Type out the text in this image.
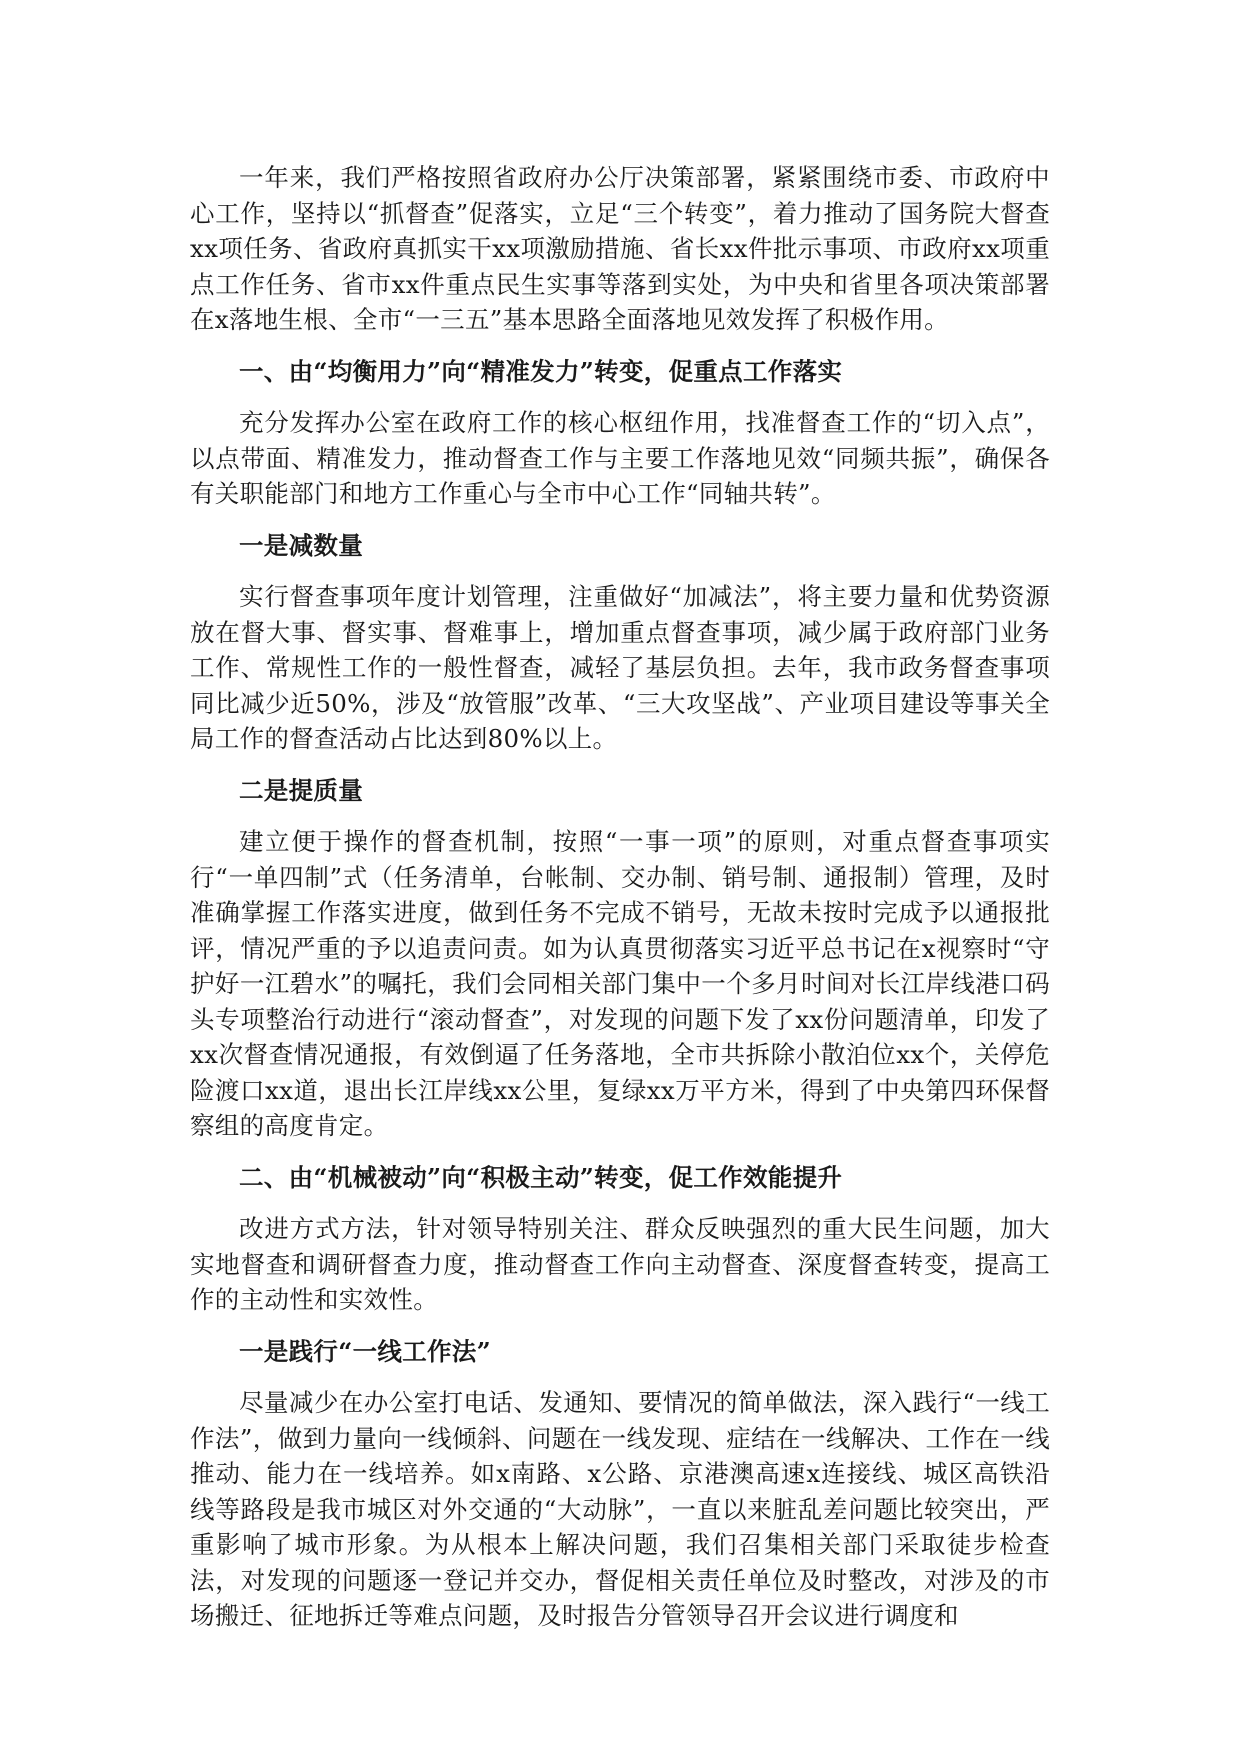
一年来，我们严格按照省政府办公厅决策部署，紧紧围绕市委、市政府中心工作，坚持以“抓督查”促落实，立足“三个转变”，着力推动了国务院大督查xx项任务、省政府真抓实干xx项激励措施、省长xx件批示事项、市政府xx项重点工作任务、省市xx件重点民生实事等落到实处，为中央和省里各项决策部署在x落地生根、全市“一三五”基本思路全面落地见效发挥了积极作用。

一、由“均衡用力”向“精准发力”转变，促重点工作落实

充分发挥办公室在政府工作的核心枢纽作用，找准督查工作的“切入点”，以点带面、精准发力，推动督查工作与主要工作落地见效“同频共振”，确保各有关职能部门和地方工作重心与全市中心工作“同轴共转”。

一是减数量

实行督查事项年度计划管理，注重做好“加减法”，将主要力量和优势资源放在督大事、督实事、督难事上，增加重点督查事项，减少属于政府部门业务工作、常规性工作的一般性督查，减轻了基层负担。去年，我市政务督查事项同比减少近50%，涉及“放管服”改革、“三大攻坚战”、产业项目建设等事关全局工作的督查活动占比达到80%以上。

二是提质量

建立便于操作的督查机制，按照“一事一项”的原则，对重点督查事项实行“一单四制”式（任务清单，台帐制、交办制、销号制、通报制）管理，及时准确掌握工作落实进度，做到任务不完成不销号，无故未按时完成予以通报批评，情况严重的予以追责问责。如为认真贯彻落实习近平总书记在x视察时“守护好一江碧水”的嘱托，我们会同相关部门集中一个多月时间对长江岸线港口码头专项整治行动进行“滚动督查”，对发现的问题下发了xx份问题清单，印发了xx次督查情况通报，有效倒逼了任务落地，全市共拆除小散泊位xx个，关停危险渡口xx道，退出长江岸线xx公里，复绿xx万平方米，得到了中央第四环保督察组的高度肯定。

二、由“机械被动”向“积极主动”转变，促工作效能提升

改进方式方法，针对领导特别关注、群众反映强烈的重大民生问题，加大实地督查和调研督查力度，推动督查工作向主动督查、深度督查转变，提高工作的主动性和实效性。

一是践行“一线工作法”

尽量减少在办公室打电话、发通知、要情况的简单做法，深入践行“一线工作法”，做到力量向一线倾斜、问题在一线发现、症结在一线解决、工作在一线推动、能力在一线培养。如x南路、x公路、京港澳高速x连接线、城区高铁沿线等路段是我市城区对外交通的“大动脉”，一直以来脏乱差问题比较突出，严重影响了城市形象。为从根本上解决问题，我们召集相关部门采取徒步检查法，对发现的问题逐一登记并交办，督促相关责任单位及时整改，对涉及的市场搬迁、征地拆迁等难点问题，及时报告分管领导召开会议进行调度和
